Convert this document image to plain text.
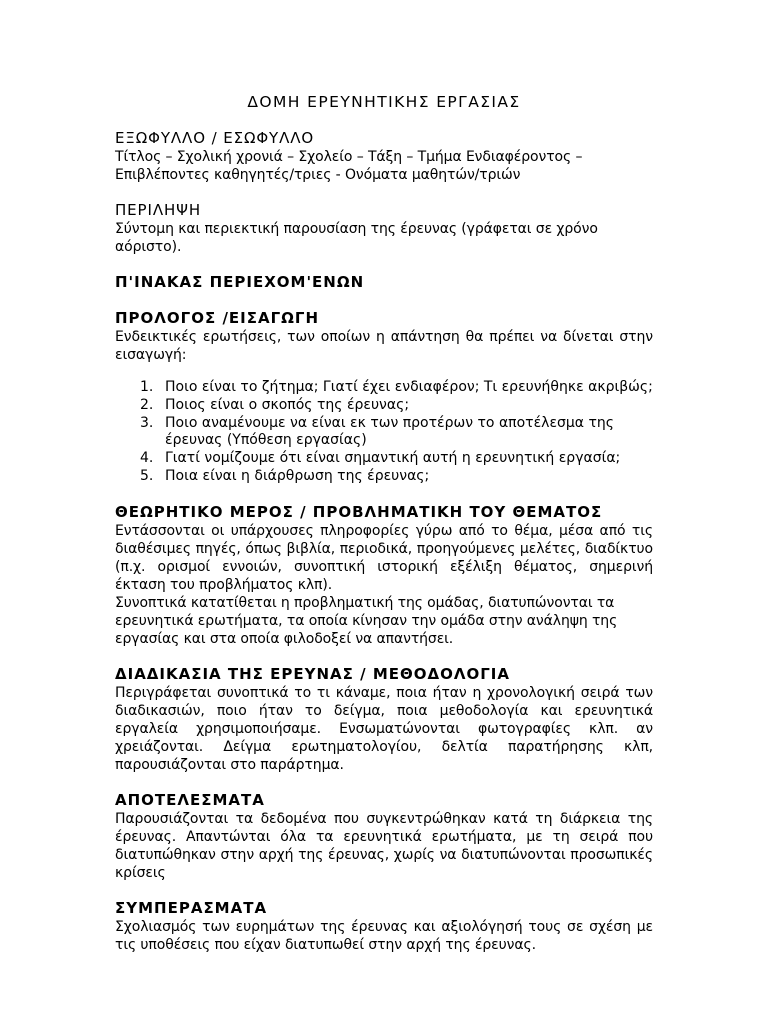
ΔΟΜΗ ΕΡΕΥΝΗΤΙΚΗΣ ΕΡΓΑΣΙΑΣ
ΕΞΩΦΥΛΛΟ / ΕΣΩΦΥΛΛΟ

Τίτλος – Σχολική χρονιά – Σχολείο – Τάξη – Τμήμα Ενδιαφέροντος – Επιβλέποντες καθηγητές/τριες - Ονόματα μαθητών/τριών

ΠΕΡΙΛΗΨΗ

Σύντομη και περιεκτική παρουσίαση της έρευνας (γράφεται σε χρόνο αόριστο).

Π'ΙΝΑΚΑΣ ΠΕΡΙΕΧΟΜ'ΕΝΩΝ
ΠΡΟΛΟΓΟΣ /ΕΙΣΑΓΩΓΗ

Ενδεικτικές ερωτήσεις, των οποίων η απάντηση θα πρέπει να δίνεται στην εισαγωγή:

1. Ποιο είναι το ζήτημα; Γιατί έχει ενδιαφέρον; Τι ερευνήθηκε ακριβώς;
2. Ποιος είναι ο σκοπός της έρευνας;
3. Ποιο αναμένουμε να είναι εκ των προτέρων το αποτέλεσμα της έρευνας (Υπόθεση εργασίας)
4. Γιατί νομίζουμε ότι είναι σημαντική αυτή η ερευνητική εργασία;
5. Ποια είναι η διάρθρωση της έρευνας;
ΘΕΩΡΗΤΙΚΟ ΜΕΡΟΣ / ΠΡΟΒΛΗΜΑΤΙΚΗ ΤΟΥ ΘΕΜΑΤΟΣ

Εντάσσονται οι υπάρχουσες πληροφορίες γύρω από το θέμα, μέσα από τις διαθέσιμες πηγές, όπως βιβλία, περιοδικά, προηγούμενες μελέτες, διαδίκτυο (π.χ. ορισμοί εννοιών, συνοπτική ιστορική εξέλιξη θέματος, σημερινή έκταση του προβλήματος κλπ).

Συνοπτικά κατατίθεται η προβληματική της ομάδας, διατυπώνονται τα ερευνητικά ερωτήματα, τα οποία κίνησαν την ομάδα στην ανάληψη της εργασίας και στα οποία φιλοδοξεί να απαντήσει.

ΔΙΑΔΙΚΑΣΙΑ ΤΗΣ ΕΡΕΥΝΑΣ / ΜΕΘΟΔΟΛΟΓΙΑ

Περιγράφεται συνοπτικά το τι κάναμε, ποια ήταν η χρονολογική σειρά των διαδικασιών, ποιο ήταν το δείγμα, ποια μεθοδολογία και ερευνητικά εργαλεία χρησιμοποιήσαμε. Ενσωματώνονται φωτογραφίες κλπ. αν χρειάζονται. Δείγμα ερωτηματολογίου, δελτία παρατήρησης κλπ, παρουσιάζονται στο παράρτημα.

ΑΠΟΤΕΛΕΣΜΑΤΑ

Παρουσιάζονται τα δεδομένα που συγκεντρώθηκαν κατά τη διάρκεια της έρευνας. Απαντώνται όλα τα ερευνητικά ερωτήματα, με τη σειρά που διατυπώθηκαν στην αρχή της έρευνας, χωρίς να διατυπώνονται προσωπικές κρίσεις

ΣΥΜΠΕΡΑΣΜΑΤΑ

Σχολιασμός των ευρημάτων της έρευνας και αξιολόγησή τους σε σχέση με τις υποθέσεις που είχαν διατυπωθεί στην αρχή της έρευνας.
